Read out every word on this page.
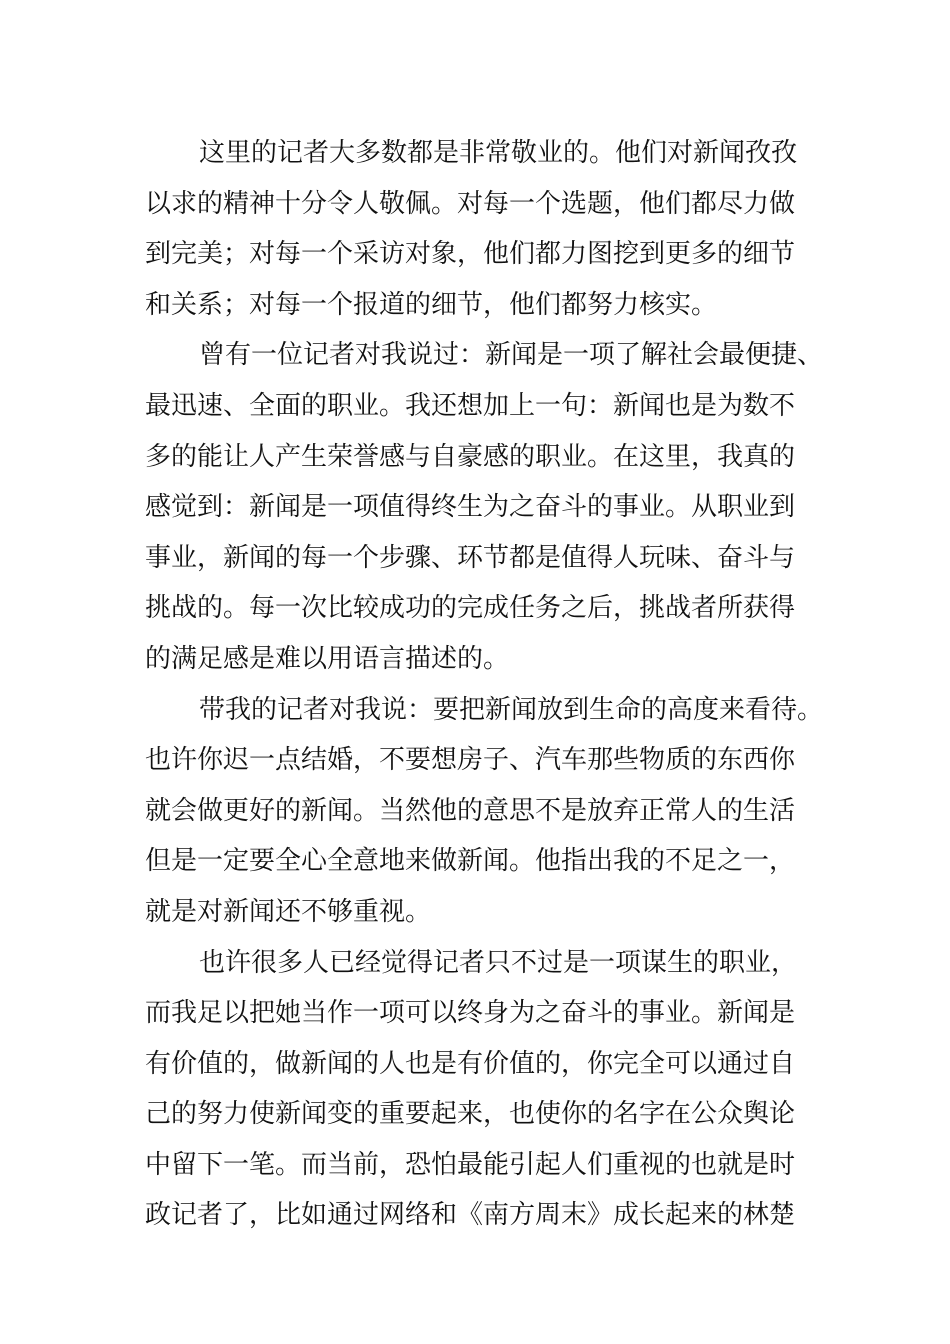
这里的记者大多数都是非常敬业的。他们对新闻孜孜
以求的精神十分令人敬佩。对每一个选题，他们都尽力做
到完美；对每一个采访对象，他们都力图挖到更多的细节
和关系；对每一个报道的细节，他们都努力核实。
曾有一位记者对我说过：新闻是一项了解社会最便捷、
最迅速、全面的职业。我还想加上一句：新闻也是为数不
多的能让人产生荣誉感与自豪感的职业。在这里，我真的
感觉到：新闻是一项值得终生为之奋斗的事业。从职业到
事业，新闻的每一个步骤、环节都是值得人玩味、奋斗与
挑战的。每一次比较成功的完成任务之后，挑战者所获得
的满足感是难以用语言描述的。
带我的记者对我说：要把新闻放到生命的高度来看待。
也许你迟一点结婚，不要想房子、汽车那些物质的东西你
就会做更好的新闻。当然他的意思不是放弃正常人的生活
但是一定要全心全意地来做新闻。他指出我的不足之一，
就是对新闻还不够重视。
也许很多人已经觉得记者只不过是一项谋生的职业，
而我足以把她当作一项可以终身为之奋斗的事业。新闻是
有价值的，做新闻的人也是有价值的，你完全可以通过自
己的努力使新闻变的重要起来，也使你的名字在公众舆论
中留下一笔。而当前，恐怕最能引起人们重视的也就是时
政记者了，比如通过网络和《南方周末》成长起来的林楚
